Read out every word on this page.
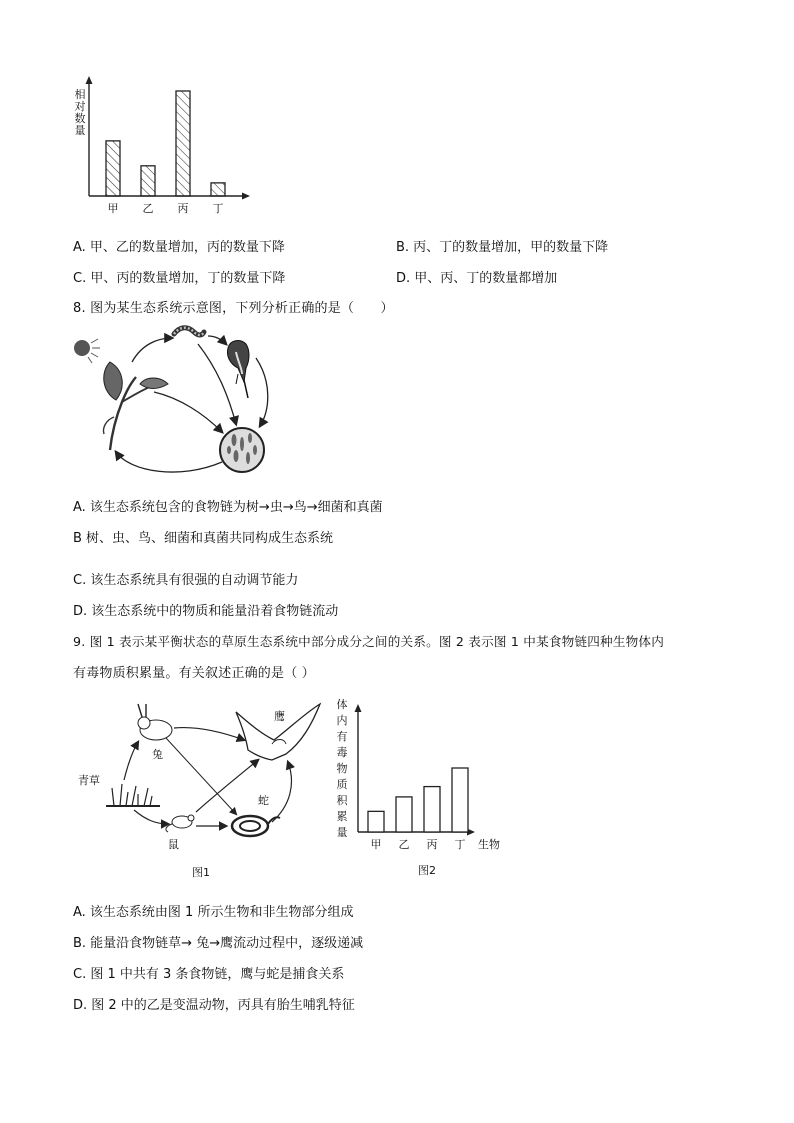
相
对
数
量
甲 乙 丙 丁
A. 甲、乙的数量增加，丙的数量下降	B. 丙、丁的数量增加，甲的数量下降
C. 甲、丙的数量增加，丁的数量下降	D. 甲、丙、丁的数量都增加
8. 图为某生态系统示意图，下列分析正确的是（　　）
A. 该生态系统包含的食物链为树→虫→鸟→细菌和真菌
B 树、虫、鸟、细菌和真菌共同构成生态系统
C. 该生态系统具有很强的自动调节能力
D. 该生态系统中的物质和能量沿着食物链流动
9. 图 1 表示某平衡状态的草原生态系统中部分成分之间的关系。图 2 表示图 1 中某食物链四种生物体内
有毒物质积累量。有关叙述正确的是（ ）
兔
鹰
青草
鼠
蛇
图1
体
内
有
毒
物
质
积
累
量
甲 乙 丙 丁 生物
图2
A. 该生态系统由图 1 所示生物和非生物部分组成
B. 能量沿食物链草→ 兔→鹰流动过程中，逐级递减
C. 图 1 中共有 3 条食物链，鹰与蛇是捕食关系
D. 图 2 中的乙是变温动物，丙具有胎生哺乳特征
